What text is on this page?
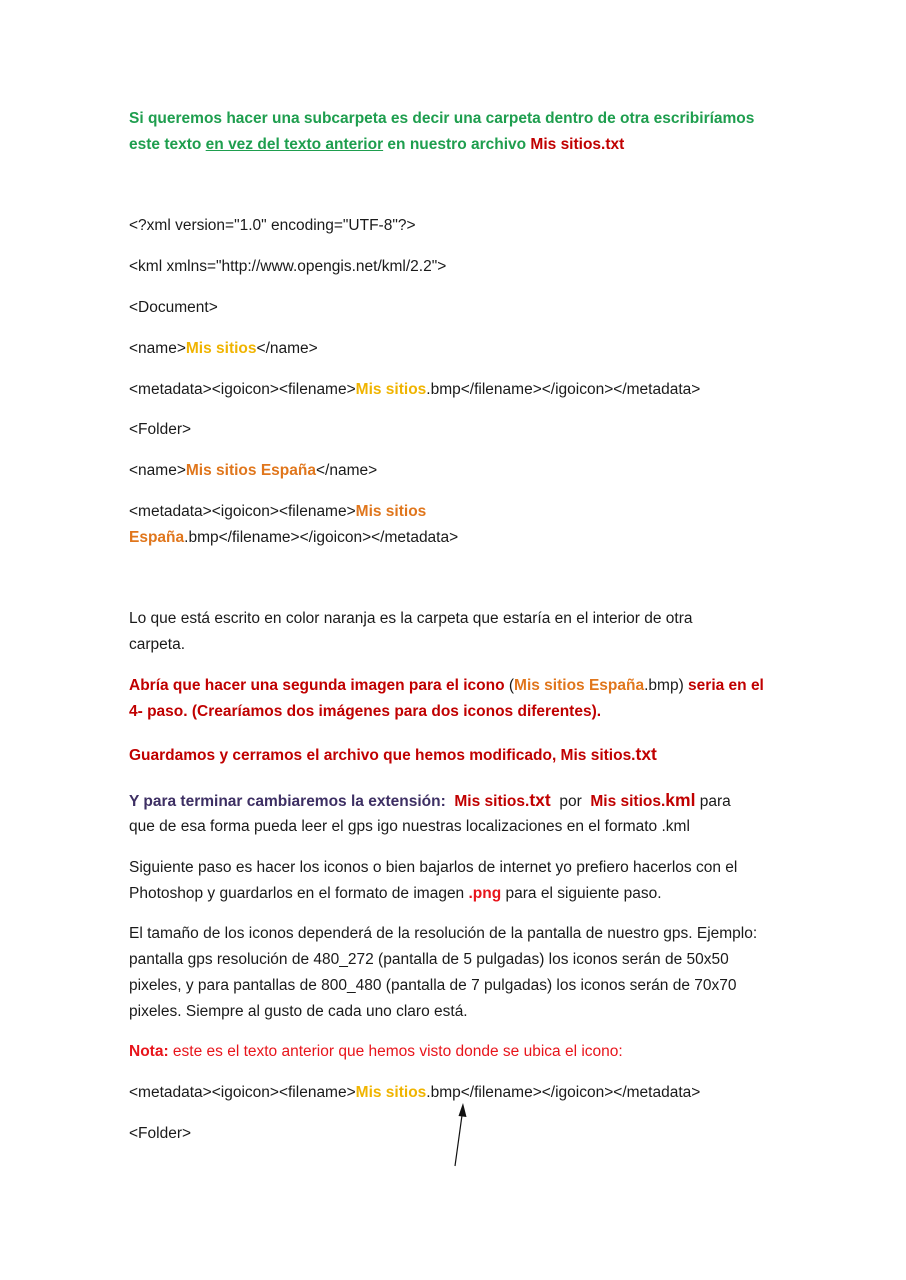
Si queremos hacer una subcarpeta es decir una carpeta dentro de otra escribiríamos este texto en vez del texto anterior en nuestro archivo Mis sitios.txt
<?xml version="1.0" encoding="UTF-8"?>
<kml xmlns="http://www.opengis.net/kml/2.2">
<Document>
<name>Mis sitios</name>
<metadata><igoicon><filename>Mis sitios.bmp</filename></igoicon></metadata>
<Folder>
<name>Mis sitios España</name>
<metadata><igoicon><filename>Mis sitios
España.bmp</filename></igoicon></metadata>
Lo que está escrito en color naranja es la carpeta que estaría en el interior de otra carpeta.
Abría que hacer una segunda imagen para el icono (Mis sitios España.bmp) seria en el 4- paso. (Crearíamos dos imágenes para dos iconos diferentes).
Guardamos y cerramos el archivo que hemos modificado, Mis sitios.txt
Y para terminar cambiaremos la extensión: Mis sitios.txt por Mis sitios.kml para
que de esa forma pueda leer el gps igo nuestras localizaciones en el formato .kml
Siguiente paso es hacer los iconos o bien bajarlos de internet yo prefiero hacerlos con el Photoshop y guardarlos en el formato de imagen .png para el siguiente paso.
El tamaño de los iconos dependerá de la resolución de la pantalla de nuestro gps. Ejemplo: pantalla gps resolución de 480_272 (pantalla de 5 pulgadas) los iconos serán de 50x50 pixeles, y para pantallas de 800_480 (pantalla de 7 pulgadas) los iconos serán de 70x70 pixeles. Siempre al gusto de cada uno claro está.
Nota: este es el texto anterior que hemos visto donde se ubica el icono:
<metadata><igoicon><filename>Mis sitios.bmp</filename></igoicon></metadata>
<Folder>
